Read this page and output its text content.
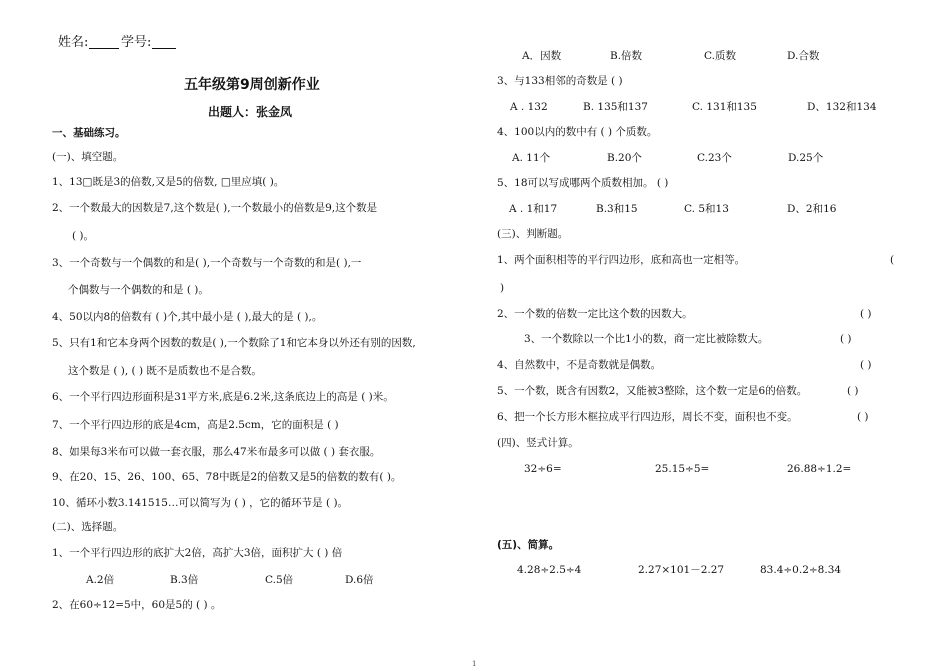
姓名:	学号:
五年级第9周创新作业
出题人：张金凤
一、基础练习。
(一)、填空题。
1、13□既是3的倍数,又是5的倍数, □里应填( )。
2、一个数最大的因数是7,这个数是( ),一个数最小的倍数是9,这个数是
( )。
3、一个奇数与一个偶数的和是( ),一个奇数与一个奇数的和是( ),一
个偶数与一个偶数的和是 ( )。
4、50以内8的倍数有 ( )个,其中最小是 ( ),最大的是 ( ),。
5、只有1和它本身两个因数的数是( ),一个数除了1和它本身以外还有别的因数,
这个数是 ( ), ( ) 既不是质数也不是合数。
6、一个平行四边形面积是31平方米,底是6.2米,这条底边上的高是 ( )米。
7、一个平行四边形的底是4cm，高是2.5cm，它的面积是 ( )
8、如果每3米布可以做一套衣服，那么47米布最多可以做 ( ) 套衣服。
9、在20、15、26、100、65、78中既是2的倍数又是5的倍数的数有( )。
10、循环小数3.141515…可以简写为 ( ) ，它的循环节是 ( )。
(二)、选择题。
1、一个平行四边形的底扩大2倍，高扩大3倍，面积扩大 ( ) 倍
A.2倍	B.3倍	C.5倍	D.6倍
2、在60÷12=5中，60是5的 ( ) 。
A．因数	B.倍数	C.质数	D.合数
3、与133相邻的奇数是 ( )
A . 132	B. 135和137	C. 131和135	D、132和134
4、100以内的数中有 ( ) 个质数。
A. 11个	B.20个	C.23个	D.25个
5、18可以写成哪两个质数相加。 ( )
A . 1和17	B.3和15	C. 5和13	D、2和16
(三)、判断题。
1、两个面积相等的平行四边形，底和高也一定相等。	(
)
2、一个数的倍数一定比这个数的因数大。	( )
3、一个数除以一个比1小的数，商一定比被除数大。	( )
4、自然数中，不是奇数就是偶数。	( )
5、一个数，既含有因数2，又能被3整除，这个数一定是6的倍数。	( )
6、把一个长方形木框拉成平行四边形，周长不变，面积也不变。	( )
(四)、竖式计算。
32÷6=	25.15÷5=	26.88÷1.2=
(五)、简算。
4.28÷2.5÷4	2.27×101－2.27	83.4÷0.2÷8.34
1
